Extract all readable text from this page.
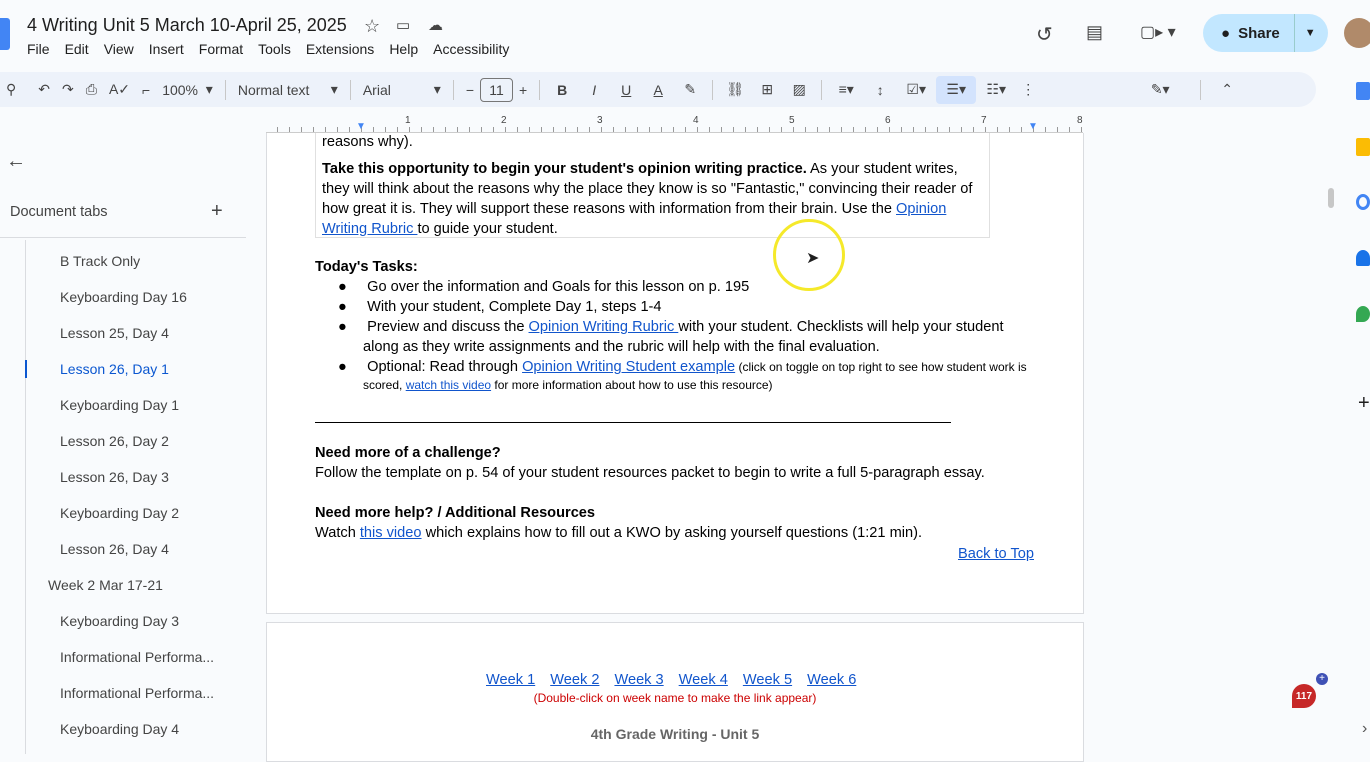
4 Writing Unit 5 March 10-April 25, 2025 ☆ ▭ ☁
File Edit View Insert Format Tools Extensions Help Accessibility
↺ ▤ ▢▸ ▾	● Share ▼
⚲	↶ ↷ ⎙ A✓ ⌐ 100% ▾	Normal text ▾	Arial	▾	−	11	+	B	I	U	A	✎	⛓	⊞	▨	≡▾	↕	☑▾	☰▾	☷▾	⋮	✎▾	⌃
1	2	3	4	5	6	7	8
▼	▼
←
Document tabs	+
B Track Only
Keyboarding Day 16
Lesson 25, Day 4
Lesson 26, Day 1
Keyboarding Day 1
Lesson 26, Day 2
Lesson 26, Day 3
Keyboarding Day 2
Lesson 26, Day 4
Week 2 Mar 17-21
Keyboarding Day 3
Informational Performa...
Informational Performa...
Keyboarding Day 4
reasons why).
Take this opportunity to begin your student's opinion writing practice. As your student writes,
they will think about the reasons why the place they know is so "Fantastic," convincing their reader of
how great it is. They will support these reasons with information from their brain. Use the Opinion
Writing Rubric to guide your student.
Today's Tasks:
●     Go over the information and Goals for this lesson on p. 195
●     With your student, Complete Day 1, steps 1-4
●     Preview and discuss the Opinion Writing Rubric with your student. Checklists will help your student
along as they write assignments and the rubric will help with the final evaluation.
●     Optional: Read through Opinion Writing Student example (click on toggle on top right to see how student work is
scored, watch this video for more information about how to use this resource)
Need more of a challenge?
Follow the template on p. 54 of your student resources packet to begin to write a full 5-paragraph essay.
Need more help? / Additional Resources
Watch this video which explains how to fill out a KWO by asking yourself questions (1:21 min).
Back to Top
Week 1 Week 2 Week 3 Week 4 Week 5 Week 6
(Double-click on week name to make the link appear)
4th Grade Writing - Unit 5
➤
+
117
+
›
